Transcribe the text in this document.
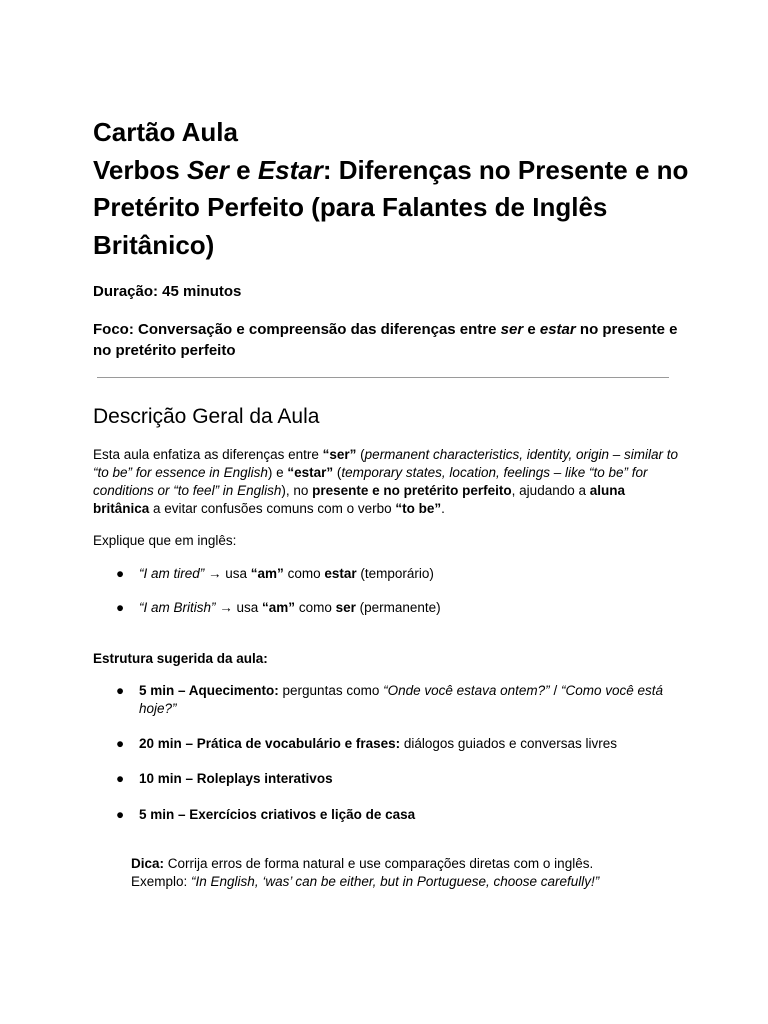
Cartão Aula
Verbos Ser e Estar: Diferenças no Presente e no Pretérito Perfeito (para Falantes de Inglês Britânico)

Duração: 45 minutos

Foco: Conversação e compreensão das diferenças entre ser e estar no presente e no pretérito perfeito

Descrição Geral da Aula

Esta aula enfatiza as diferenças entre “ser” (permanent characteristics, identity, origin – similar to “to be” for essence in English) e “estar” (temporary states, location, feelings – like “to be” for conditions or “to feel” in English), no presente e no pretérito perfeito, ajudando a aluna britânica a evitar confusões comuns com o verbo “to be”.

Explique que em inglês:

● “I am tired” → usa “am” como estar (temporário)
● “I am British” → usa “am” como ser (permanente)

Estrutura sugerida da aula:

● 5 min – Aquecimento: perguntas como “Onde você estava ontem?” / “Como você está hoje?”
● 20 min – Prática de vocabulário e frases: diálogos guiados e conversas livres
● 10 min – Roleplays interativos
● 5 min – Exercícios criativos e lição de casa

Dica: Corrija erros de forma natural e use comparações diretas com o inglês.
Exemplo: “In English, ‘was’ can be either, but in Portuguese, choose carefully!”
